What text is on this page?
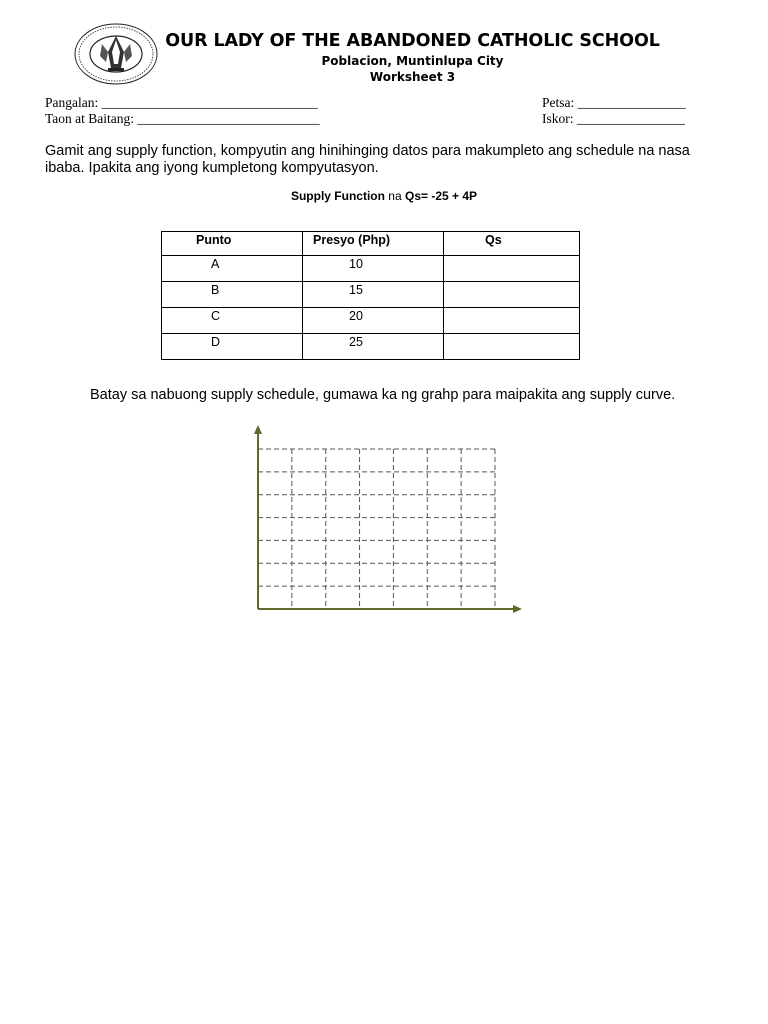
OUR LADY OF THE ABANDONED CATHOLIC SCHOOL
Poblacion, Muntinlupa City
Worksheet 3
Pangalan: ________________________________
Taon at Baitang: ___________________________
Petsa: ________________
Iskor: ________________
Gamit ang supply function, kompyutin ang hinihinging datos para makumpleto ang schedule na nasa ibaba. Ipakita ang iyong kumpletong kompyutasyon.
Supply Function na Qs= -25 + 4P
Punto	Presyo (Php)	Qs
A	10	
B	15	
C	20	
D	25	
Batay sa nabuong supply schedule, gumawa ka ng grahp para maipakita ang supply curve.
